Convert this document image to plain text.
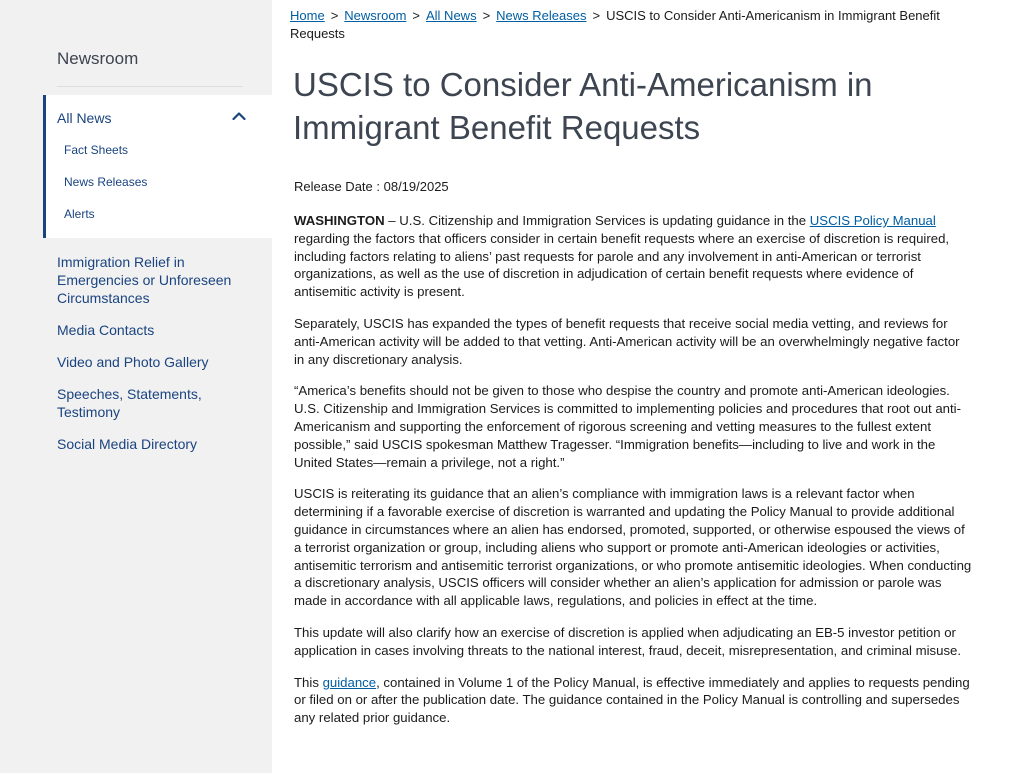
Newsroom
All News
Fact Sheets
News Releases
Alerts
Immigration Relief in Emergencies or Unforeseen Circumstances
Media Contacts
Video and Photo Gallery
Speeches, Statements, Testimony
Social Media Directory
Home > Newsroom > All News > News Releases > USCIS to Consider Anti-Americanism in Immigrant Benefit Requests
USCIS to Consider Anti-Americanism in Immigrant Benefit Requests
Release Date : 08/19/2025

WASHINGTON – U.S. Citizenship and Immigration Services is updating guidance in the USCIS Policy Manual regarding the factors that officers consider in certain benefit requests where an exercise of discretion is required, including factors relating to aliens’ past requests for parole and any involvement in anti-American or terrorist organizations, as well as the use of discretion in adjudication of certain benefit requests where evidence of antisemitic activity is present.

Separately, USCIS has expanded the types of benefit requests that receive social media vetting, and reviews for anti-American activity will be added to that vetting. Anti-American activity will be an overwhelmingly negative factor in any discretionary analysis.

“America’s benefits should not be given to those who despise the country and promote anti-American ideologies. U.S. Citizenship and Immigration Services is committed to implementing policies and procedures that root out anti-Americanism and supporting the enforcement of rigorous screening and vetting measures to the fullest extent possible,” said USCIS spokesman Matthew Tragesser. “Immigration benefits—including to live and work in the United States—remain a privilege, not a right.”

USCIS is reiterating its guidance that an alien’s compliance with immigration laws is a relevant factor when determining if a favorable exercise of discretion is warranted and updating the Policy Manual to provide additional guidance in circumstances where an alien has endorsed, promoted, supported, or otherwise espoused the views of a terrorist organization or group, including aliens who support or promote anti-American ideologies or activities, antisemitic terrorism and antisemitic terrorist organizations, or who promote antisemitic ideologies. When conducting a discretionary analysis, USCIS officers will consider whether an alien’s application for admission or parole was made in accordance with all applicable laws, regulations, and policies in effect at the time.

This update will also clarify how an exercise of discretion is applied when adjudicating an EB-5 investor petition or application in cases involving threats to the national interest, fraud, deceit, misrepresentation, and criminal misuse.

This guidance, contained in Volume 1 of the Policy Manual, is effective immediately and applies to requests pending or filed on or after the publication date. The guidance contained in the Policy Manual is controlling and supersedes any related prior guidance.
